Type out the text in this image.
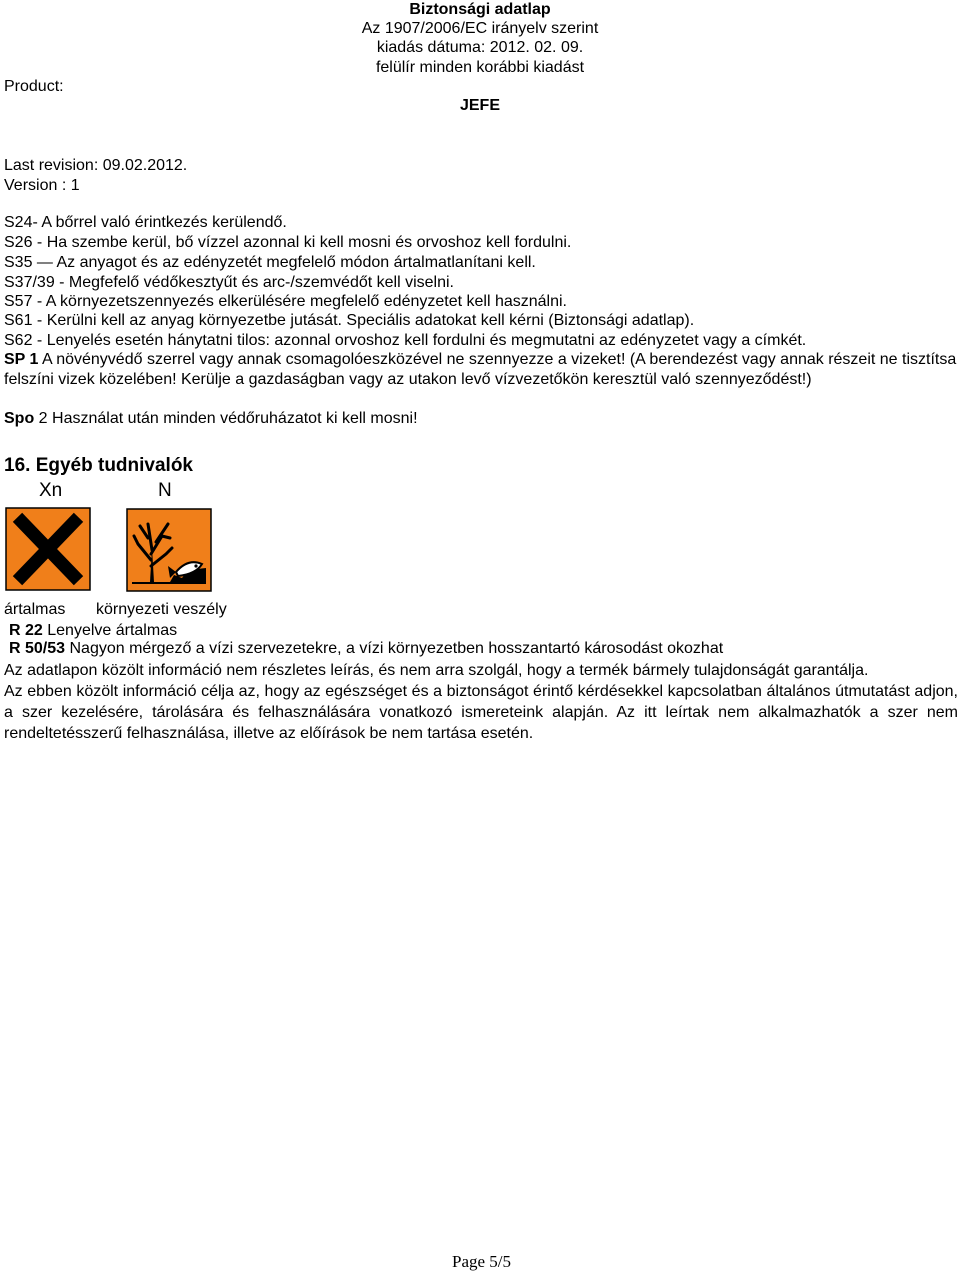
Biztonsági adatlap
Az 1907/2006/EC irányelv szerint
kiadás dátuma: 2012. 02. 09.
felülír minden korábbi kiadást
Product:
JEFE
Last revision: 09.02.2012.
Version : 1
S24- A bőrrel való érintkezés kerülendő.
S26 - Ha szembe kerül, bő vízzel azonnal ki kell mosni és orvoshoz kell fordulni.
S35 — Az anyagot és az edényzetét megfelelő módon ártalmatlanítani kell.
S37/39 - Megfefelő védőkesztyűt és arc-/szemvédőt kell viselni.
S57 - A környezetszennyezés elkerülésére megfelelő edényzetet kell használni.
S61 - Kerülni kell az anyag környezetbe jutását. Speciális adatokat kell kérni (Biztonsági adatlap).
S62 - Lenyelés esetén hánytatni tilos: azonnal orvoshoz kell fordulni és megmutatni az edényzetet vagy a címkét.
SP 1 A növényvédő szerrel vagy annak csomagolóeszközével ne szennyezze a vizeket! (A berendezést vagy annak részeit ne tisztítsa felszíni vizek közelében! Kerülje a gazdaságban vagy az utakon levő vízvezetőkön keresztül való szennyeződést!)
Spo 2 Használat után minden védőruházatot ki kell mosni!
16. Egyéb tudnivalók
Xn	N
ártalmas környezeti veszély
R 22 Lenyelve ártalmas
R 50/53 Nagyon mérgező a vízi szervezetekre, a vízi környezetben hosszantartó károsodást okozhat
Az adatlapon közölt információ nem részletes leírás, és nem arra szolgál, hogy a termék bármely tulajdonságát garantálja.
Az ebben közölt információ célja az, hogy az egészséget és a biztonságot érintő kérdésekkel kapcsolatban általános útmutatást adjon, a szer kezelésére, tárolására és felhasználására vonatkozó ismereteink alapján. Az itt leírtak nem alkalmazhatók a szer nem rendeltetésszerű felhasználása, illetve az előírások be nem tartása esetén.
Page 5/5
